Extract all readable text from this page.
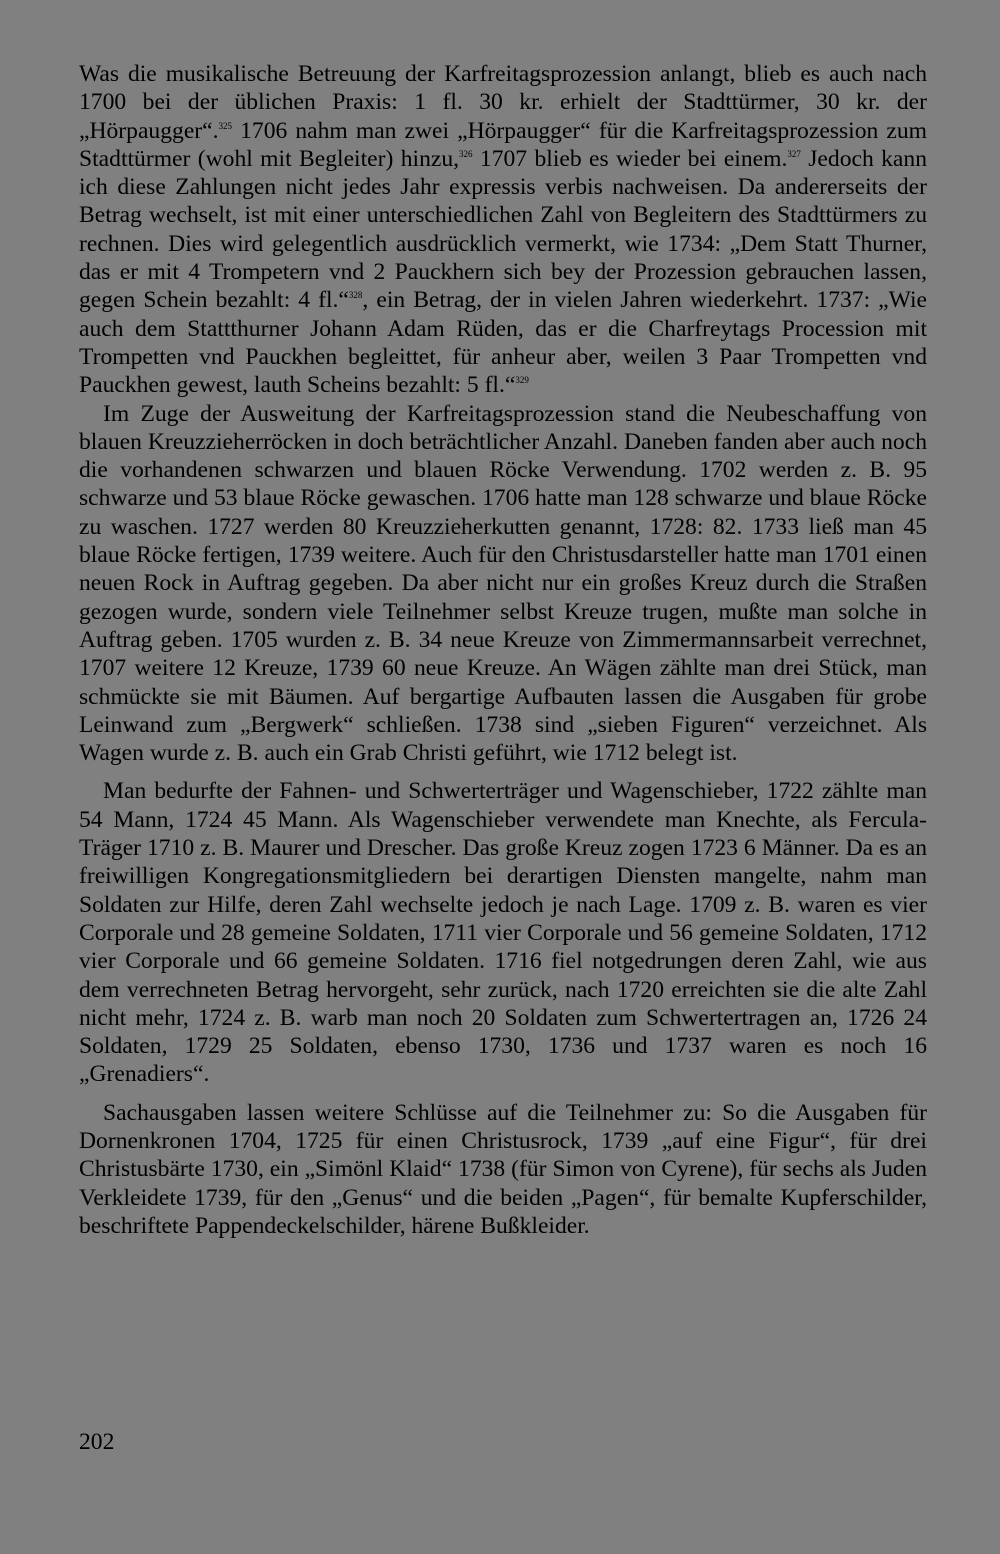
Was die musikalische Betreuung der Karfreitagsprozession anlangt, blieb es auch nach 1700 bei der üblichen Praxis: 1 fl. 30 kr. erhielt der Stadttürmer, 30 kr. der „Hörpaugger“.$^{325}$ 1706 nahm man zwei „Hörpaugger“ für die Karfreitagsprozession zum Stadttürmer (wohl mit Begleiter) hinzu,$^{326}$ 1707 blieb es wieder bei einem.$^{327}$ Jedoch kann ich diese Zahlungen nicht jedes Jahr expressis verbis nachweisen. Da andererseits der Betrag wechselt, ist mit einer unterschiedlichen Zahl von Begleitern des Stadttürmers zu rechnen. Dies wird gelegentlich ausdrücklich vermerkt, wie 1734: „Dem Statt Thurner, das er mit 4 Trompetern vnd 2 Pauckhern sich bey der Prozession gebrauchen lassen, gegen Schein bezahlt: 4 fl.“$^{328}$, ein Betrag, der in vielen Jahren wiederkehrt. 1737: „Wie auch dem Stattthurner Johann Adam Rüden, das er die Charfreytags Procession mit Trompetten vnd Pauckhen begleittet, für anheur aber, weilen 3 Paar Trompetten vnd Pauckhen gewest, lauth Scheins bezahlt: 5 fl.“$^{329}$

Im Zuge der Ausweitung der Karfreitagsprozession stand die Neubeschaffung von blauen Kreuzzieherröcken in doch beträchtlicher Anzahl. Daneben fanden aber auch noch die vorhandenen schwarzen und blauen Röcke Verwendung. 1702 werden z. B. 95 schwarze und 53 blaue Röcke gewaschen. 1706 hatte man 128 schwarze und blaue Röcke zu waschen. 1727 werden 80 Kreuzzieherkutten genannt, 1728: 82. 1733 ließ man 45 blaue Röcke fertigen, 1739 weitere. Auch für den Christusdarsteller hatte man 1701 einen neuen Rock in Auftrag gegeben. Da aber nicht nur ein großes Kreuz durch die Straßen gezogen wurde, sondern viele Teilnehmer selbst Kreuze trugen, mußte man solche in Auftrag geben. 1705 wurden z. B. 34 neue Kreuze von Zimmermannsarbeit verrechnet, 1707 weitere 12 Kreuze, 1739 60 neue Kreuze. An Wägen zählte man drei Stück, man schmückte sie mit Bäumen. Auf bergartige Aufbauten lassen die Ausgaben für grobe Leinwand zum „Bergwerk“ schließen. 1738 sind „sieben Figuren“ verzeichnet. Als Wagen wurde z. B. auch ein Grab Christi geführt, wie 1712 belegt ist.

Man bedurfte der Fahnen- und Schwerterträger und Wagenschieber, 1722 zählte man 54 Mann, 1724 45 Mann. Als Wagenschieber verwendete man Knechte, als Fercula-Träger 1710 z. B. Maurer und Drescher. Das große Kreuz zogen 1723 6 Männer. Da es an freiwilligen Kongregationsmitgliedern bei derartigen Diensten mangelte, nahm man Soldaten zur Hilfe, deren Zahl wechselte jedoch je nach Lage. 1709 z. B. waren es vier Corporale und 28 gemeine Soldaten, 1711 vier Corporale und 56 gemeine Soldaten, 1712 vier Corporale und 66 gemeine Soldaten. 1716 fiel notgedrungen deren Zahl, wie aus dem verrechneten Betrag hervorgeht, sehr zurück, nach 1720 erreichten sie die alte Zahl nicht mehr, 1724 z. B. warb man noch 20 Soldaten zum Schwertertragen an, 1726 24 Soldaten, 1729 25 Soldaten, ebenso 1730, 1736 und 1737 waren es noch 16 „Grenadiers“.

Sachausgaben lassen weitere Schlüsse auf die Teilnehmer zu: So die Ausgaben für Dornenkronen 1704, 1725 für einen Christusrock, 1739 „auf eine Figur“, für drei Christusbärte 1730, ein „Simönl Klaid“ 1738 (für Simon von Cyrene), für sechs als Juden Verkleidete 1739, für den „Genus“ und die beiden „Pagen“, für bemalte Kupferschilder, beschriftete Pappendeckelschilder, härene Bußkleider.

202
